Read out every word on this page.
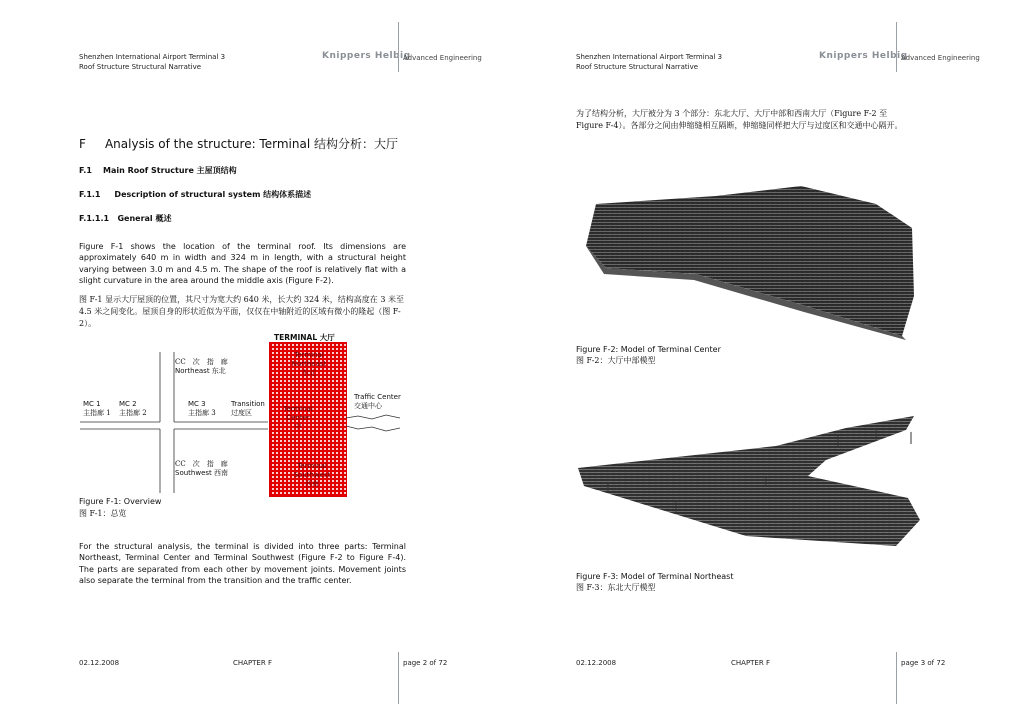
Shenzhen International Airport Terminal 3
Roof Structure Structural Narrative
Knippers Helbig
Advanced Engineering
F     Analysis of the structure: Terminal 结构分析：大厅
F.1    Main Roof Structure 主屋顶结构
F.1.1     Description of structural system 结构体系描述
F.1.1.1   General 概述
Figure F-1 shows the location of the terminal roof. Its dimensions are approximately 640 m in width and 324 m in length, with a structural height varying between 3.0 m and 4.5 m. The shape of the roof is relatively flat with a slight curvature in the area around the middle axis (Figure F-2).
图 F-1 显示大厅屋顶的位置，其尺寸为宽大约 640 米，长大约 324 米，结构高度在 3 米至 4.5 米之间变化。屋顶自身的形状近似为平面，仅仅在中轴附近的区域有微小的隆起（图 F-2）。
TERMINAL 大厅
Terminal
Northeast
东北
Terminal
Center
中
Terminal
Southwest
西南
CC　次　指　廊
Northeast 东北
CC　次　指　廊
Southwest 西南
MC 1
主指廊 1
MC 2
主指廊 2
MC 3
主指廊 3
Transition
过度区
Traffic Center
交通中心
Figure F-1: Overview
图 F-1：总览
For the structural analysis, the terminal is divided into three parts: Terminal Northeast, Terminal Center and Terminal Southwest (Figure F-2 to Figure F-4). The parts are separated from each other by movement joints. Movement joints also separate the terminal from the transition and the traffic center.
02.12.2008	CHAPTER F	page 2 of 72
Shenzhen International Airport Terminal 3
Roof Structure Structural Narrative
Knippers Helbig
Advanced Engineering
为了结构分析，大厅被分为 3 个部分：东北大厅、大厅中部和西南大厅（Figure F-2 至 Figure F-4）。各部分之间由伸缩缝相互隔断，伸缩缝同样把大厅与过度区和交通中心隔开。
Figure F-2: Model of Terminal Center
图 F-2：大厅中部模型
Figure F-3: Model of Terminal Northeast
图 F-3：东北大厅模型
02.12.2008	CHAPTER F	page 3 of 72
